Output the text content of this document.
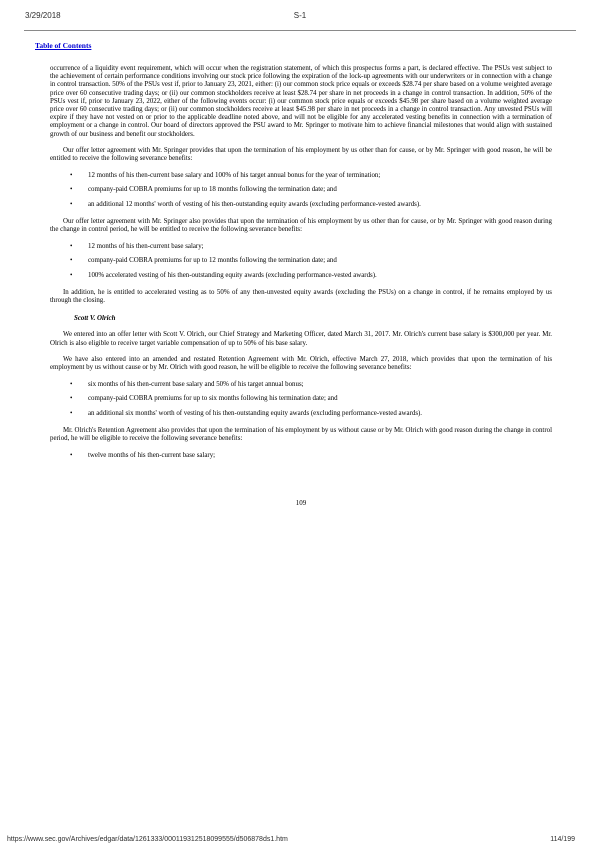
3/29/2018	S-1
Table of Contents

occurrence of a liquidity event requirement, which will occur when the registration statement, of which this prospectus forms a part, is declared effective. The PSUs vest subject to the achievement of certain performance conditions involving our stock price following the expiration of the lock-up agreements with our underwriters or in connection with a change in control transaction. 50% of the PSUs vest if, prior to January 23, 2021, either: (i) our common stock price equals or exceeds $28.74 per share based on a volume weighted average price over 60 consecutive trading days; or (ii) our common stockholders receive at least $28.74 per share in net proceeds in a change in control transaction. In addition, 50% of the PSUs vest if, prior to January 23, 2022, either of the following events occur: (i) our common stock price equals or exceeds $45.98 per share based on a volume weighted average price over 60 consecutive trading days; or (ii) our common stockholders receive at least $45.98 per share in net proceeds in a change in control transaction. Any unvested PSUs will expire if they have not vested on or prior to the applicable deadline noted above, and will not be eligible for any accelerated vesting benefits in connection with a termination of employment or a change in control. Our board of directors approved the PSU award to Mr. Springer to motivate him to achieve financial milestones that would align with sustained growth of our business and benefit our stockholders.

Our offer letter agreement with Mr. Springer provides that upon the termination of his employment by us other than for cause, or by Mr. Springer with good reason, he will be entitled to receive the following severance benefits:

•	12 months of his then-current base salary and 100% of his target annual bonus for the year of termination;
•	company-paid COBRA premiums for up to 18 months following the termination date; and
•	an additional 12 months' worth of vesting of his then-outstanding equity awards (excluding performance-vested awards).

Our offer letter agreement with Mr. Springer also provides that upon the termination of his employment by us other than for cause, or by Mr. Springer with good reason during the change in control period, he will be entitled to receive the following severance benefits:

•	12 months of his then-current base salary;
•	company-paid COBRA premiums for up to 12 months following the termination date; and
•	100% accelerated vesting of his then-outstanding equity awards (excluding performance-vested awards).

In addition, he is entitled to accelerated vesting as to 50% of any then-unvested equity awards (excluding the PSUs) on a change in control, if he remains employed by us through the closing.

Scott V. Olrich

We entered into an offer letter with Scott V. Olrich, our Chief Strategy and Marketing Officer, dated March 31, 2017. Mr. Olrich's current base salary is $300,000 per year. Mr. Olrich is also eligible to receive target variable compensation of up to 50% of his base salary.

We have also entered into an amended and restated Retention Agreement with Mr. Olrich, effective March 27, 2018, which provides that upon the termination of his employment by us without cause or by Mr. Olrich with good reason, he will be eligible to receive the following severance benefits:

•	six months of his then-current base salary and 50% of his target annual bonus;
•	company-paid COBRA premiums for up to six months following his termination date; and
•	an additional six months' worth of vesting of his then-outstanding equity awards (excluding performance-vested awards).

Mr. Olrich's Retention Agreement also provides that upon the termination of his employment by us without cause or by Mr. Olrich with good reason during the change in control period, he will be eligible to receive the following severance benefits:

•	twelve months of his then-current base salary;
109
https://www.sec.gov/Archives/edgar/data/1261333/000119312518099555/d506878ds1.htm	114/199
